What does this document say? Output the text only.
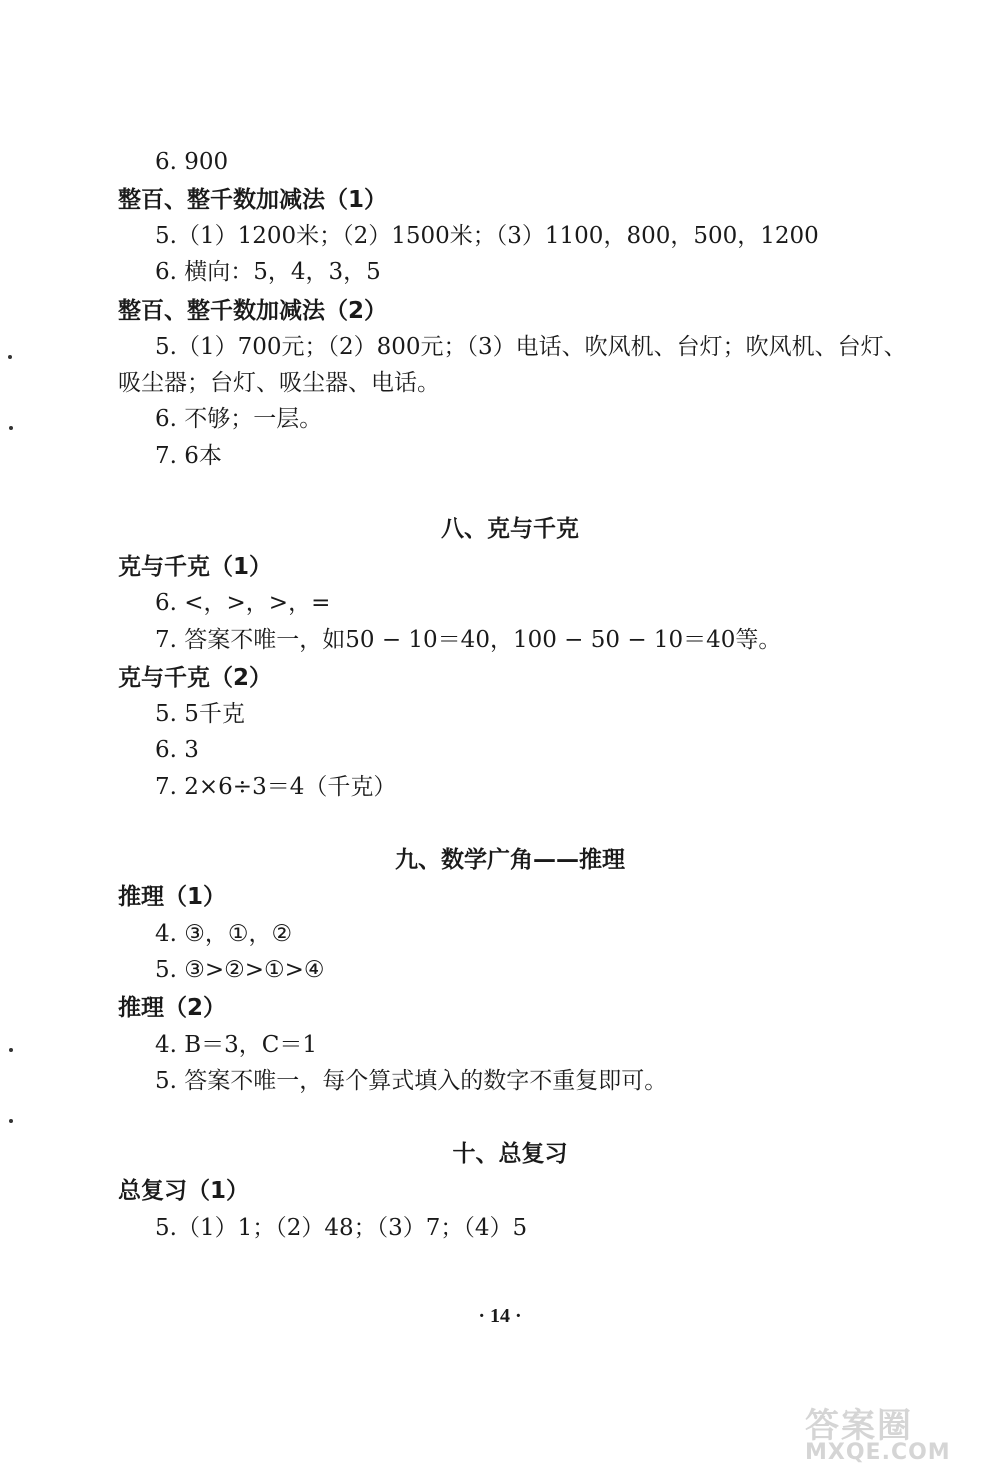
6. 900
整百、整千数加减法（1）
5.（1）1200米；（2）1500米；（3）1100，800，500，1200
6. 横向：5，4，3，5
整百、整千数加减法（2）
5.（1）700元；（2）800元；（3）电话、吹风机、台灯；吹风机、台灯、
吸尘器；台灯、吸尘器、电话。
6. 不够；一层。
7. 6本
八、克与千克
克与千克（1）
6. <，>，>，=
7. 答案不唯一，如50 − 10＝40，100 − 50 − 10＝40等。
克与千克（2）
5. 5千克
6. 3
7. 2×6÷3＝4（千克）
九、数学广角——推理
推理（1）
4. ③，①，②
5. ③>②>①>④
推理（2）
4. B＝3，C＝1
5. 答案不唯一，每个算式填入的数字不重复即可。
十、总复习
总复习（1）
5.（1）1；（2）48；（3）7；（4）5
· 14 ·
答案圈
MXQE.COM
